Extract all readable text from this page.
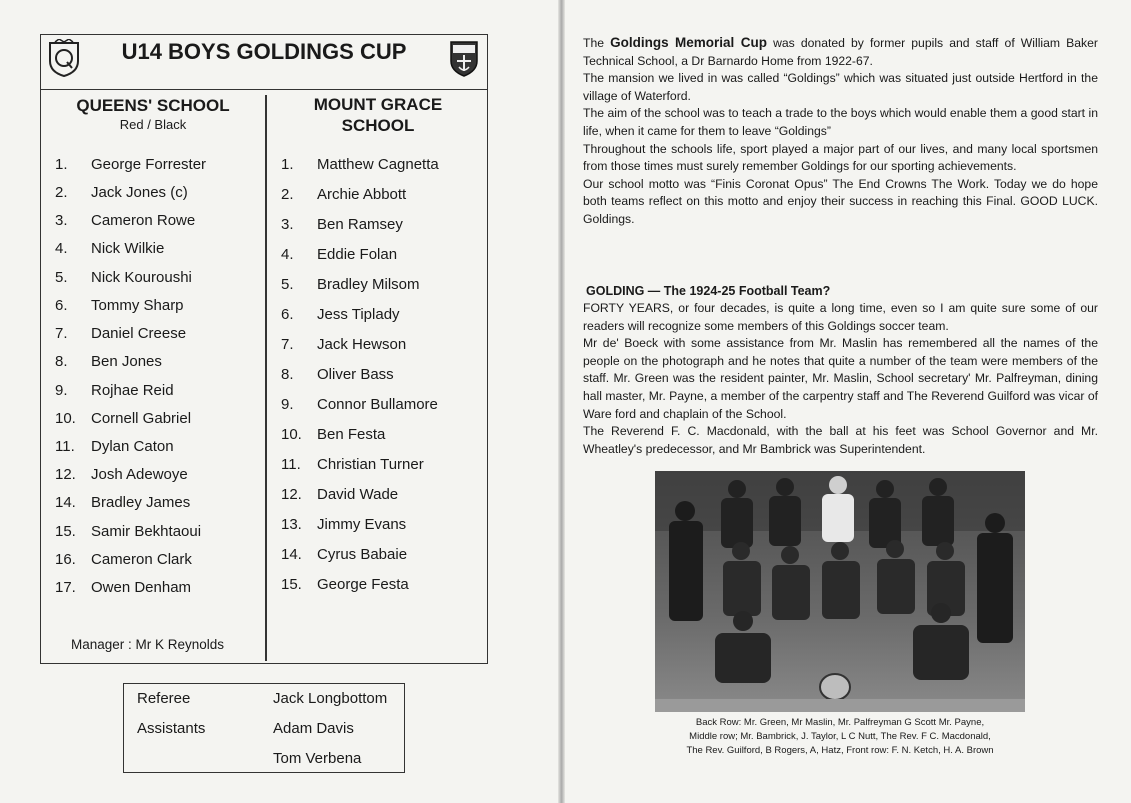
U14 BOYS GOLDINGS CUP
QUEENS' SCHOOL
Red / Black
1. George Forrester
2. Jack Jones (c)
3. Cameron Rowe
4. Nick Wilkie
5. Nick Kouroushi
6. Tommy Sharp
7. Daniel Creese
8. Ben Jones
9. Rojhae Reid
10. Cornell Gabriel
11. Dylan Caton
12. Josh Adewoye
14. Bradley James
15. Samir Bekhtaoui
16. Cameron Clark
17. Owen Denham
Manager : Mr K Reynolds
MOUNT GRACE
SCHOOL
1. Matthew Cagnetta
2. Archie Abbott
3. Ben Ramsey
4. Eddie Folan
5. Bradley Milsom
6. Jess Tiplady
7. Jack Hewson
8. Oliver Bass
9. Connor Bullamore
10. Ben Festa
11. Christian Turner
12. David Wade
13. Jimmy Evans
14. Cyrus Babaie
15. George Festa
Referee	Jack Longbottom
Assistants	Adam Davis
Tom Verbena

The Goldings Memorial Cup was donated by former pupils and staff of William Baker Technical School, a Dr Barnardo Home from 1922-67.

The mansion we lived in was called “Goldings” which was situated just outside Hertford in the village of Waterford.

The aim of the school was to teach a trade to the boys which would enable them a good start in life, when it came for them to leave “Goldings”

Throughout the schools life, sport played a major part of our lives, and many local sportsmen from those times must surely remember Goldings for our sporting achievements.

Our school motto was “Finis Coronat Opus” The End Crowns The Work. Today we do hope both teams reflect on this motto and enjoy their success in reaching this Final. GOOD LUCK. Goldings.

GOLDING — The 1924-25 Football Team?

FORTY YEARS, or four decades, is quite a long time, even so I am quite sure some of our readers will recognize some members of this Goldings soccer team.

Mr de' Boeck with some assistance from Mr. Maslin has remembered all the names of the people on the photograph and he notes that quite a number of the team were members of the staff. Mr. Green was the resident painter, Mr. Maslin, School secretary' Mr. Palfreyman, dining hall master, Mr. Payne, a member of the carpentry staff and The Reverend Guilford was vicar of Ware ford and chaplain of the School.

The Reverend F. C. Macdonald, with the ball at his feet was School Governor and Mr. Wheatley's predecessor, and Mr Bambrick was Superintendent.

Back Row: Mr. Green, Mr Maslin, Mr. Palfreyman G Scott Mr. Payne,
Middle row; Mr. Bambrick, J. Taylor, L C Nutt, The Rev. F C. Macdonald,
The Rev. Guilford, B Rogers, A, Hatz, Front row: F. N. Ketch, H. A. Brown
